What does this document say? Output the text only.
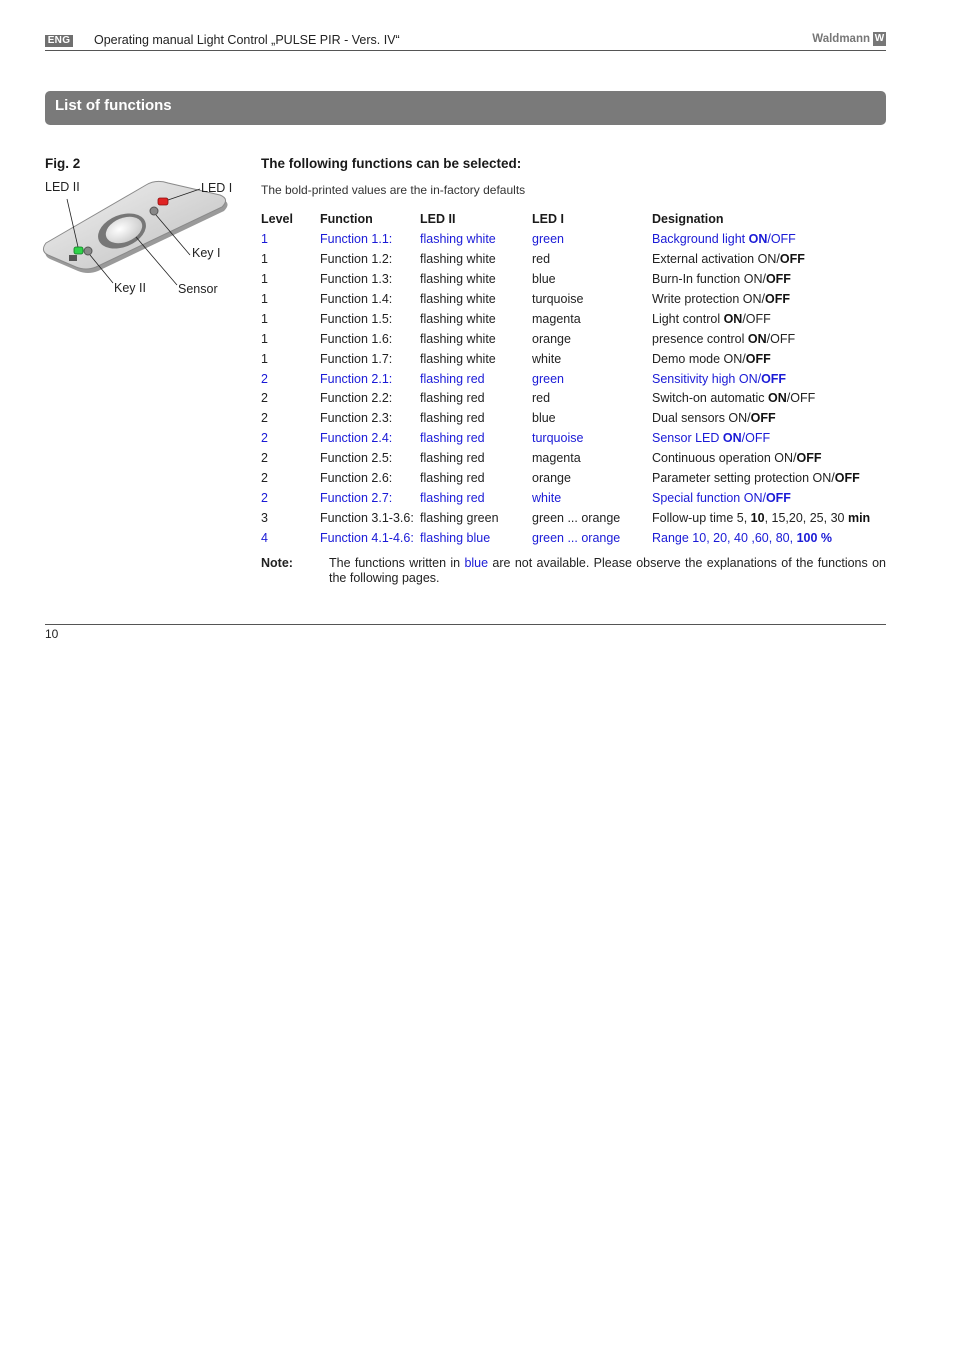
ENG Operating manual Light Control „PULSE PIR - Vers. IV“	Waldmann W
List of functions
Fig. 2
LED II	LED I
Key I
Key II	Sensor
The following functions can be selected:
The bold-printed values are the in-factory defaults
Level	Function	LED II	LED I	Designation
1	Function 1.1:	flashing white	green	Background light ON/OFF
1	Function 1.2:	flashing white	red	External activation ON/OFF
1	Function 1.3:	flashing white	blue	Burn-In function ON/OFF
1	Function 1.4:	flashing white	turquoise	Write protection ON/OFF
1	Function 1.5:	flashing white	magenta	Light control ON/OFF
1	Function 1.6:	flashing white	orange	presence control ON/OFF
1	Function 1.7:	flashing white	white	Demo mode ON/OFF
2	Function 2.1:	flashing red	green	Sensitivity high ON/OFF
2	Function 2.2:	flashing red	red	Switch-on automatic ON/OFF
2	Function 2.3:	flashing red	blue	Dual sensors ON/OFF
2	Function 2.4:	flashing red	turquoise	Sensor LED ON/OFF
2	Function 2.5:	flashing red	magenta	Continuous operation ON/OFF
2	Function 2.6:	flashing red	orange	Parameter setting protection ON/OFF
2	Function 2.7:	flashing red	white	Special function ON/OFF
3	Function 3.1-3.6:	flashing green	green ... orange	Follow-up time 5, 10, 15,20, 25, 30 min
4	Function 4.1-4.6:	flashing blue	green ... orange	Range 10, 20, 40 ,60, 80, 100 %
Note:	The functions written in blue are not available. Please observe the explanations of the functions on the following pages.
10
